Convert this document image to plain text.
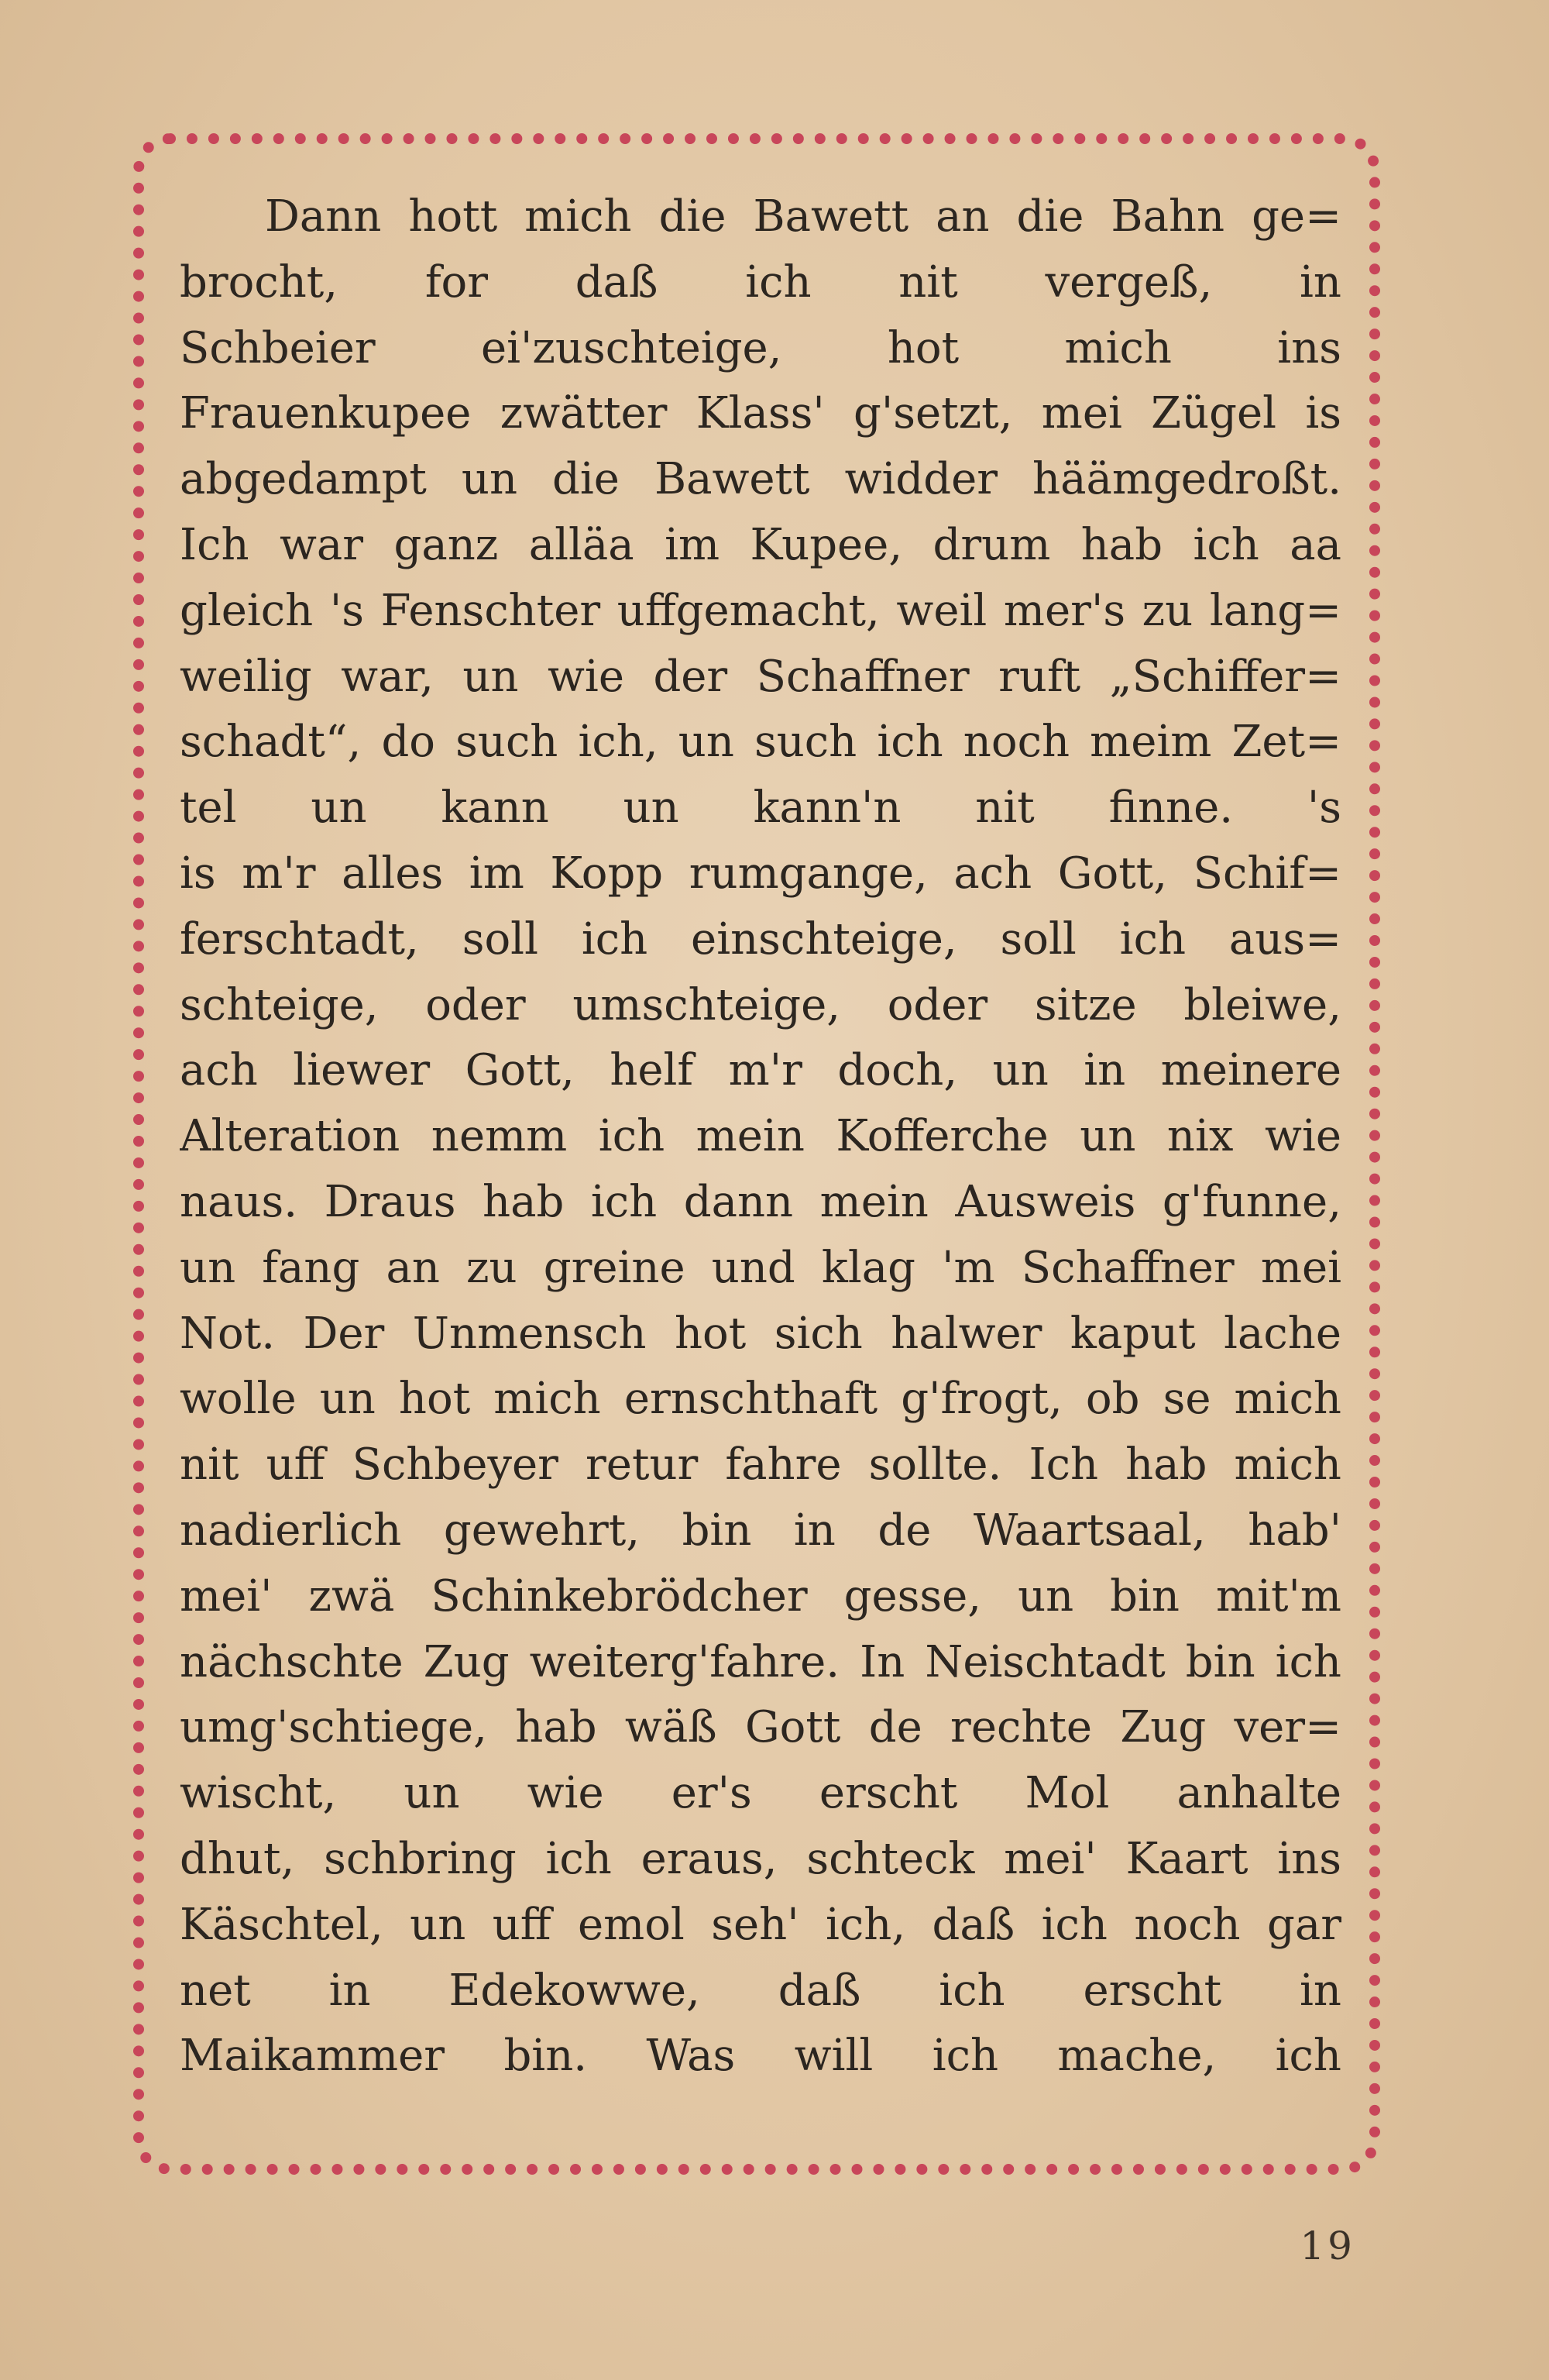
Dann hott mich die Bawett an die Bahn ge=
brocht, for daß ich nit vergeß, in
Schbeier ei'zuschteige, hot mich ins
Frauenkupee zwätter Klass' g'setzt, mei Zügel is
abgedampt un die Bawett widder häämgedroßt.
Ich war ganz alläa im Kupee, drum hab ich aa
gleich 's Fenschter uffgemacht, weil mer's zu lang=
weilig war, un wie der Schaffner ruft „Schiffer=
schadt“, do such ich, un such ich noch meim Zet=
tel un kann un kann'n nit finne. 's
is m'r alles im Kopp rumgange, ach Gott, Schif=
ferschtadt, soll ich einschteige, soll ich aus=
schteige, oder umschteige, oder sitze bleiwe,
ach liewer Gott, helf m'r doch, un in meinere
Alteration nemm ich mein Kofferche un nix wie
naus. Draus hab ich dann mein Ausweis g'funne,
un fang an zu greine und klag 'm Schaffner mei
Not. Der Unmensch hot sich halwer kaput lache
wolle un hot mich ernschthaft g'frogt, ob se mich
nit uff Schbeyer retur fahre sollte. Ich hab mich
nadierlich gewehrt, bin in de Waartsaal, hab'
mei' zwä Schinkebrödcher gesse, un bin mit'm
nächschte Zug weiterg'fahre. In Neischtadt bin ich
umg'schtiege, hab wäß Gott de rechte Zug ver=
wischt, un wie er's erscht Mol anhalte
dhut, schbring ich eraus, schteck mei' Kaart ins
Käschtel, un uff emol seh' ich, daß ich noch gar
net in Edekowwe, daß ich erscht in
Maikammer bin. Was will ich mache, ich
19
